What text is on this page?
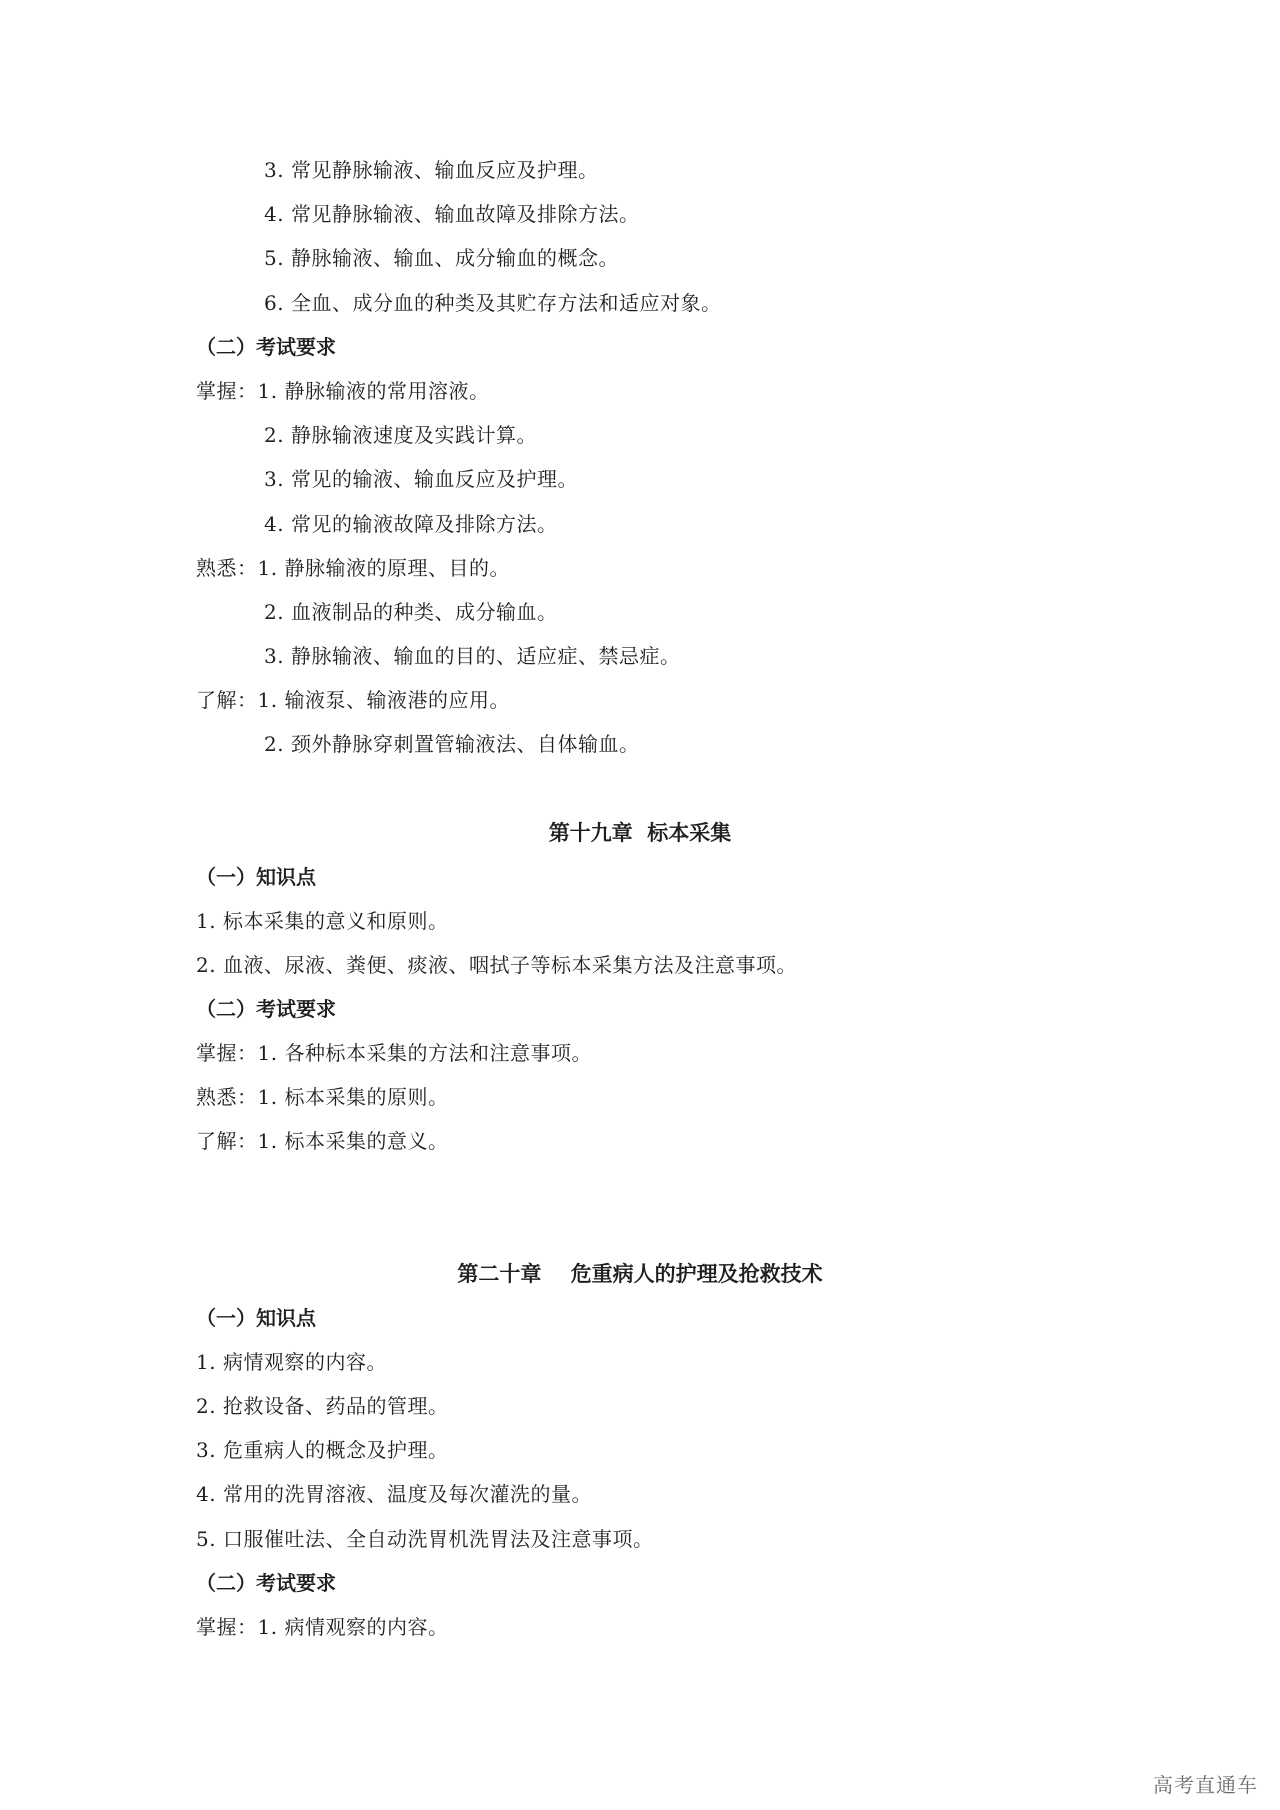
3. 常见静脉输液、输血反应及护理。
4. 常见静脉输液、输血故障及排除方法。
5. 静脉输液、输血、成分输血的概念。
6. 全血、成分血的种类及其贮存方法和适应对象。
（二）考试要求
掌握：1. 静脉输液的常用溶液。
2. 静脉输液速度及实践计算。
3. 常见的输液、输血反应及护理。
4. 常见的输液故障及排除方法。
熟悉：1. 静脉输液的原理、目的。
2. 血液制品的种类、成分输血。
3. 静脉输液、输血的目的、适应症、禁忌症。
了解：1. 输液泵、输液港的应用。
2. 颈外静脉穿刺置管输液法、自体输血。
第十九章  标本采集
（一）知识点
1. 标本采集的意义和原则。
2. 血液、尿液、粪便、痰液、咽拭子等标本采集方法及注意事项。
（二）考试要求
掌握：1. 各种标本采集的方法和注意事项。
熟悉：1. 标本采集的原则。
了解：1. 标本采集的意义。
第二十章    危重病人的护理及抢救技术
（一）知识点
1. 病情观察的内容。
2. 抢救设备、药品的管理。
3. 危重病人的概念及护理。
4. 常用的洗胃溶液、温度及每次灌洗的量。
5. 口服催吐法、全自动洗胃机洗胃法及注意事项。
（二）考试要求
掌握：1. 病情观察的内容。
高考直通车
